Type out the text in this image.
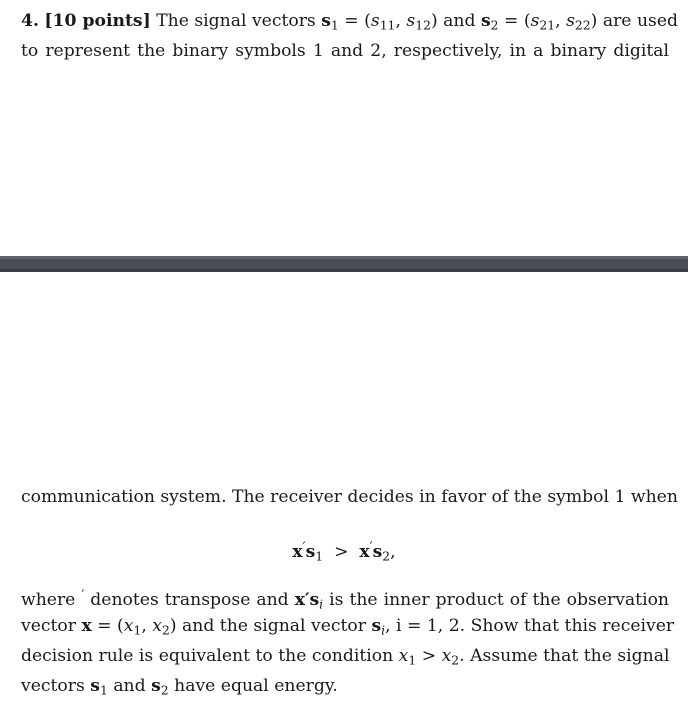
4. [10 points] The signal vectors $s_1 = (s_{11}$, $s_{12}$) and $s_2 = (s_{21}$, $s_{22}$) are used
to represent the binary symbols 1 and 2, respectively, in a binary digital
communication system. The receiver decides in favor of the symbol 1 when
$x's_1 > x's_2$,
where ′ denotes transpose and $x's_i$ is the inner product of the observation
vector $x = (x_1$, $x_2$) and the signal vector $s_i$, i = 1, 2. Show that this receiver
decision rule is equivalent to the condition $x_1 > x_2$. Assume that the signal
vectors $s_1$ and $s_2$ have equal energy.
